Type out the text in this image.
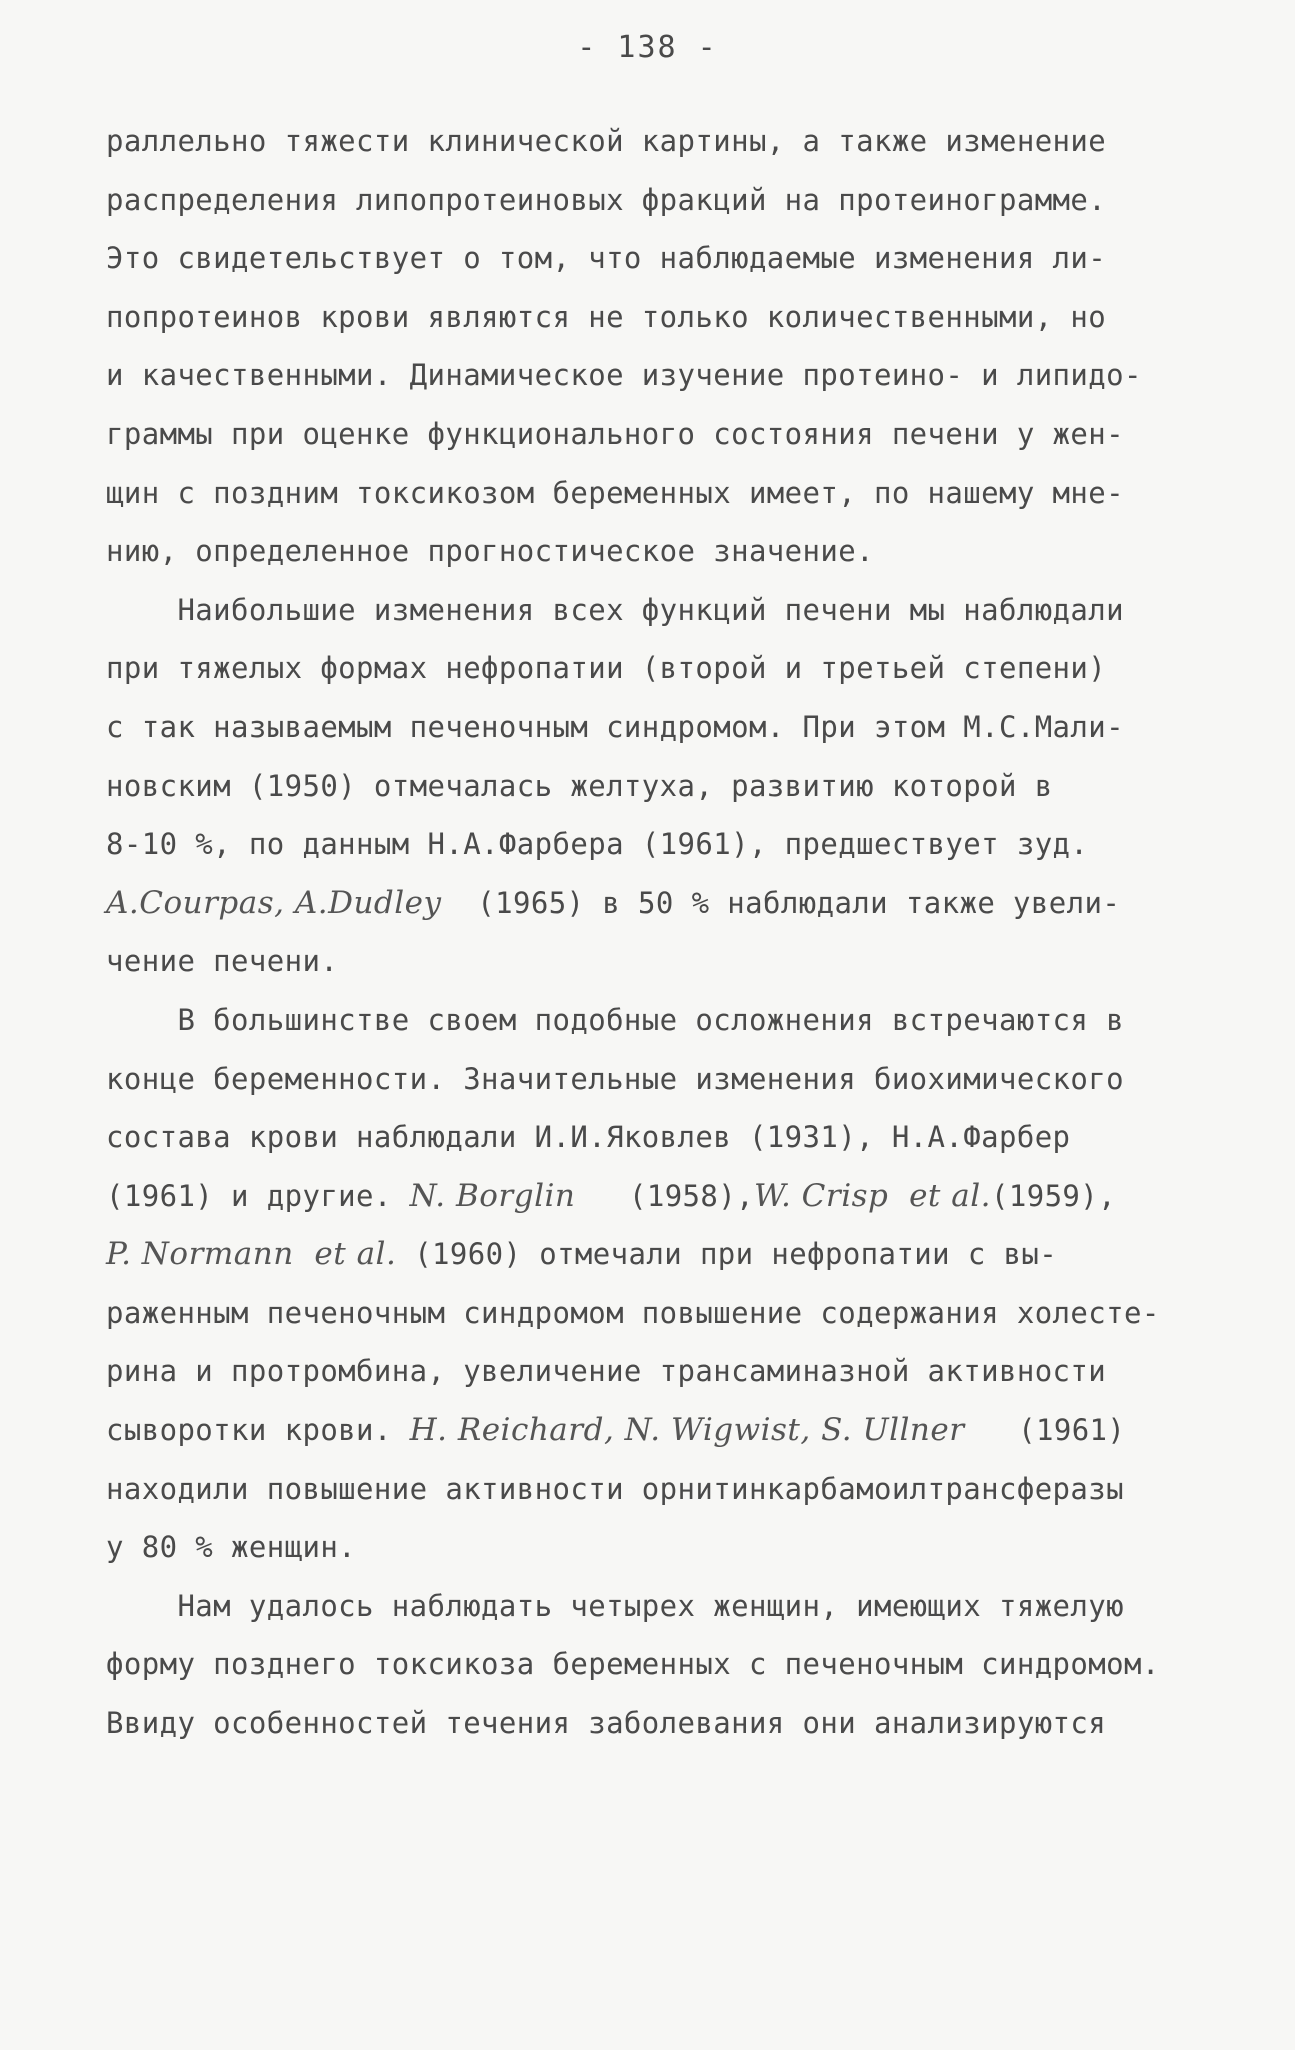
- 138 -
раллельно тяжести клинической картины, а также изменение
распределения липопротеиновых фракций на протеинограмме.
Это свидетельствует о том, что наблюдаемые изменения ли-
попротеинов крови являются не только количественными, но
и качественными. Динамическое изучение протеино- и липидо-
граммы при оценке функционального состояния печени у жен-
щин с поздним токсикозом беременных имеет, по нашему мне-
нию, определенное прогностическое значение.
Наибольшие изменения всех функций печени мы наблюдали
при тяжелых формах нефропатии (второй и третьей степени)
с так называемым печеночным синдромом. При этом М.С.Мали-
новским (1950) отмечалась желтуха, развитию которой в
8-10 %, по данным Н.А.Фарбера (1961), предшествует зуд.
A.Courpas, A.Dudley  (1965) в 50 % наблюдали также увели-
чение печени.
В большинстве своем подобные осложнения встречаются в
конце беременности. Значительные изменения биохимического
состава крови наблюдали И.И.Яковлев (1931), Н.А.Фарбер
(1961) и другие. N. Borglin   (1958),W. Crisp  et al.(1959),
P. Normann  et al. (1960) отмечали при нефропатии с вы-
раженным печеночным синдромом повышение содержания холесте-
рина и протромбина, увеличение трансаминазной активности
сыворотки крови. H. Reichard, N. Wigwist, S. Ullner   (1961)
находили повышение активности орнитинкарбамоилтрансферазы
у 80 % женщин.
Нам удалось наблюдать четырех женщин, имеющих тяжелую
форму позднего токсикоза беременных с печеночным синдромом.
Ввиду особенностей течения заболевания они анализируются
